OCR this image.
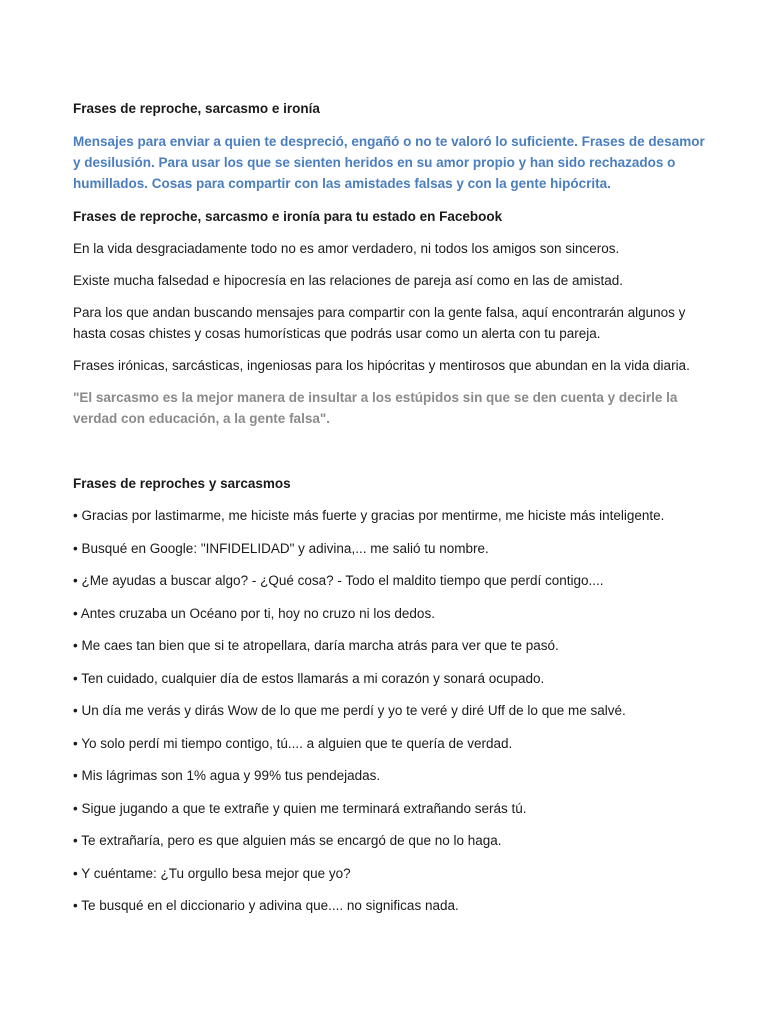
Frases de reproche, sarcasmo e ironía

Mensajes para enviar a quien te despreció, engañó o no te valoró lo suficiente. Frases de desamor y desilusión. Para usar los que se sienten heridos en su amor propio y han sido rechazados o humillados. Cosas para compartir con las amistades falsas y con la gente hipócrita.

Frases de reproche, sarcasmo e ironía para tu estado en Facebook

En la vida desgraciadamente todo no es amor verdadero, ni todos los amigos son sinceros.

Existe mucha falsedad e hipocresía en las relaciones de pareja así como en las de amistad.

Para los que andan buscando mensajes para compartir con la gente falsa, aquí encontrarán algunos y hasta cosas chistes y cosas humorísticas que podrás usar como un alerta con tu pareja.

Frases irónicas, sarcásticas, ingeniosas para los hipócritas y mentirosos que abundan en la vida diaria.

"El sarcasmo es la mejor manera de insultar a los estúpidos sin que se den cuenta y decirle la verdad con educación, a la gente falsa".

Frases de reproches y sarcasmos

• Gracias por lastimarme, me hiciste más fuerte y gracias por mentirme, me hiciste más inteligente.

• Busqué en Google: "INFIDELIDAD" y adivina,... me salió tu nombre.

• ¿Me ayudas a buscar algo? - ¿Qué cosa? - Todo el maldito tiempo que perdí contigo....

• Antes cruzaba un Océano por ti, hoy no cruzo ni los dedos.

• Me caes tan bien que si te atropellara, daría marcha atrás para ver que te pasó.

• Ten cuidado, cualquier día de estos llamarás a mi corazón y sonará ocupado.

• Un día me verás y dirás Wow de lo que me perdí y yo te veré y diré Uff de lo que me salvé.

• Yo solo perdí mi tiempo contigo, tú.... a alguien que te quería de verdad.

• Mis lágrimas son 1% agua y 99% tus pendejadas.

• Sigue jugando a que te extrañe y quien me terminará extrañando serás tú.

• Te extrañaría, pero es que alguien más se encargó de que no lo haga.

• Y cuéntame: ¿Tu orgullo besa mejor que yo?

• Te busqué en el diccionario y adivina que.... no significas nada.
